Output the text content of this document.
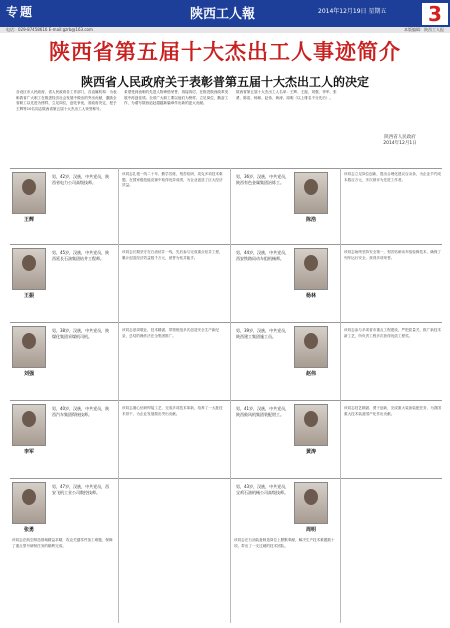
专题	陕西工人報	2014年12月19日 星期五	3
电话：029-87458616 E-mail:gzrb@163.com	本版编辑：陕西工人报
陕西省第五届十大杰出工人事迹简介
陕西省人民政府关于表彰普第五届十大杰出工人的决定
各设区市人民政府，省人民政府各工作部门，各直属机构：为表彰我省广大职工在推进经济社会发展中做出的突出贡献，激励全省职工以先进为榜样，立足岗位，创先争优，省政府决定，授予王辉等10名同志陕西省第五届十大杰出工人荣誉称号。
希望受到表彰的先进人物珍惜荣誉，再接再厉，在推进陕西改革发展中再创佳绩。全省广大职工要以他们为榜样，立足岗位，勤奋工作，为谱写陕西追赶超越新篇章作出新的更大贡献。
陕西省第五届十大杰出工人名单：王辉、王振、刘强、李军、张勇、陈浩、杨林、赵伟、黄涛、周明（以上排名不分先后）。
陕西省人民政府
2014年12月1日
王辉
男，42岁，汉族，中共党员，陕西省电力公司高级技师。
王振
男，45岁，汉族，中共党员，陕西延长石油集团钻井工程师。
刘强
男，38岁，汉族，中共党员，陕煤化集团采煤机司机。
李军
男，40岁，汉族，中共党员，陕西汽车集团焊接技师。
张勇
男，47岁，汉族，中共党员，西安飞机工业公司数控技师。
该同志在航空制造领域精益求精，攻克关键零件加工难题，保障了重点型号研制任务的顺利完成。
该同志扎根一线二十年，勤学苦练，刻苦钻研，攻克多项技术难题，在国家级技能竞赛中取得优异成绩，为企业创造了巨大经济效益。
该同志长期坚守在石油钻井一线，先后参与完成重点钻井工程，累计创造经济效益数千万元，被誉为钻井能手。
该同志爱岗敬业，技术精湛，带领班组多次创造安全生产新纪录，总结的操作法在全集团推广。
该同志潜心钻研焊接工艺，完成多项技术革新，培养了一大批技术骨干，为企业发展做出突出贡献。
陈浩
男，36岁，汉族，中共党员，陕西有色金属集团冶炼工。
杨林
男，44岁，汉族，中共党员，西安铁路局动车组机械师。
赵伟
男，39岁，汉族，中共党员，陕西建工集团施工员。
黄涛
男，41岁，汉族，中共党员，陕西鼓风机集团装配钳工。
周明
男，43岁，汉族，中共党员，宝鸡石油机械公司高级技师。
该同志在石油装备制造岗位上默默奉献，解决生产技术难题数十项，带出了一支过硬的技术团队。
该同志立足岗位创新，提出合理化建议百余条，为企业节约成本数百万元，多次被评为先进工作者。
该同志始终坚持安全第一，刻苦钻研动车组检修技术，确保了列车运行安全，获得多项荣誉。
该同志参与多项省市重点工程建设，严把质量关，推广新技术新工艺，所负责工程多次获得优质工程奖。
该同志技艺精湛，勇于创新，完成重大装备装配任务，为我国重大技术装备国产化作出贡献。
